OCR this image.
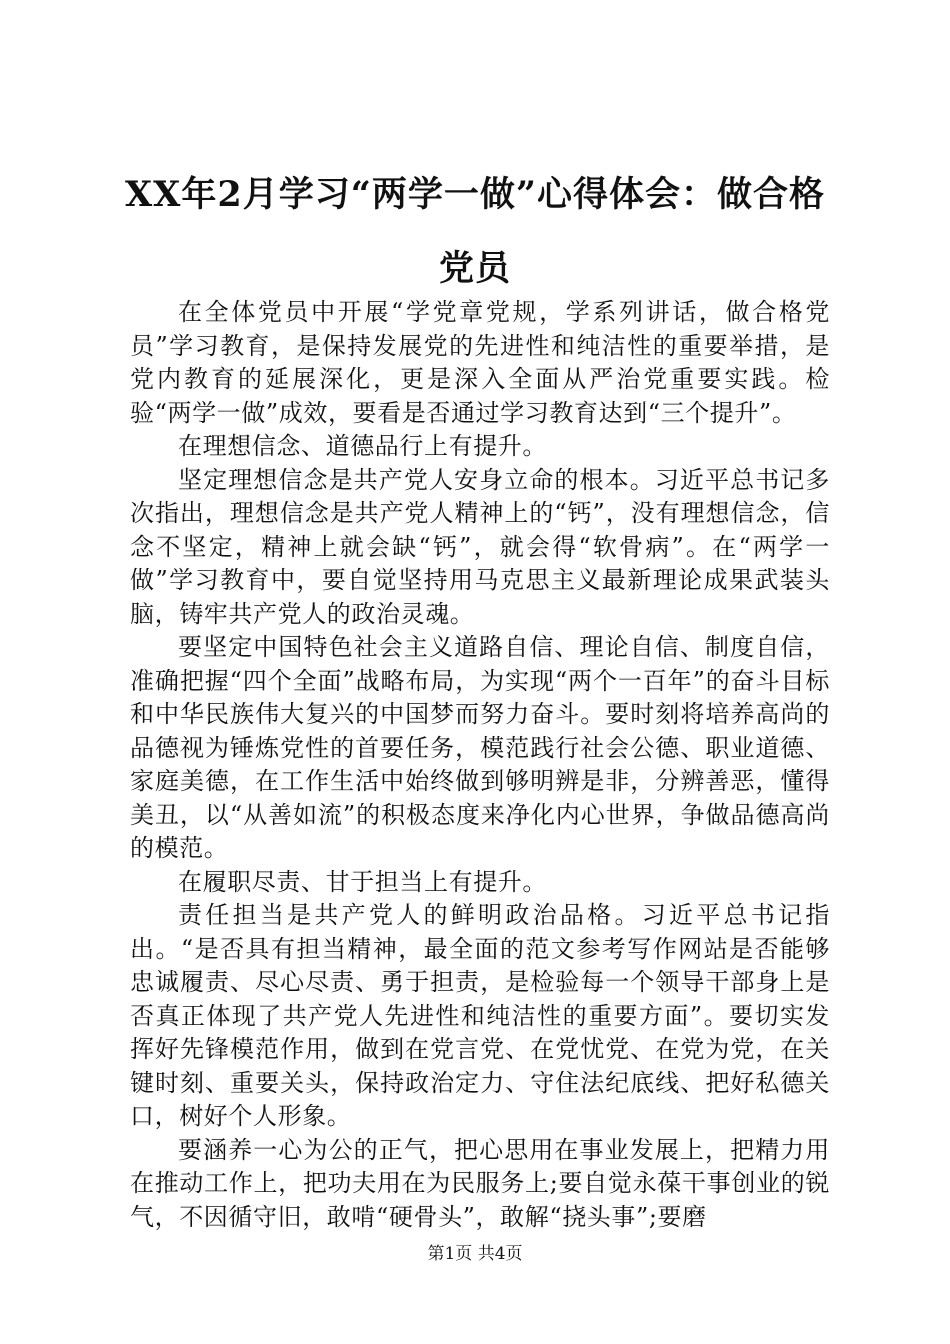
XX年2月学习“两学一做”心得体会：做合格党员

在全体党员中开展“学党章党规，学系列讲话，做合格党员”学习教育，是保持发展党的先进性和纯洁性的重要举措，是党内教育的延展深化，更是深入全面从严治党重要实践。检验“两学一做”成效，要看是否通过学习教育达到“三个提升”。

在理想信念、道德品行上有提升。

坚定理想信念是共产党人安身立命的根本。习近平总书记多次指出，理想信念是共产党人精神上的“钙”，没有理想信念，信念不坚定，精神上就会缺“钙”，就会得“软骨病”。在“两学一做”学习教育中，要自觉坚持用马克思主义最新理论成果武装头脑，铸牢共产党人的政治灵魂。

要坚定中国特色社会主义道路自信、理论自信、制度自信，准确把握“四个全面”战略布局，为实现“两个一百年”的奋斗目标和中华民族伟大复兴的中国梦而努力奋斗。要时刻将培养高尚的品德视为锤炼党性的首要任务，模范践行社会公德、职业道德、家庭美德，在工作生活中始终做到够明辨是非，分辨善恶，懂得美丑，以“从善如流”的积极态度来净化内心世界，争做品德高尚的模范。

在履职尽责、甘于担当上有提升。

责任担当是共产党人的鲜明政治品格。习近平总书记指出。“是否具有担当精神，最全面的范文参考写作网站是否能够忠诚履责、尽心尽责、勇于担责，是检验每一个领导干部身上是否真正体现了共产党人先进性和纯洁性的重要方面”。要切实发挥好先锋模范作用，做到在党言党、在党忧党、在党为党，在关键时刻、重要关头，保持政治定力、守住法纪底线、把好私德关口，树好个人形象。

要涵养一心为公的正气，把心思用在事业发展上，把精力用在推动工作上，把功夫用在为民服务上;要自觉永葆干事创业的锐气，不因循守旧，敢啃“硬骨头”，敢解“挠头事”;要磨

第1页 共4页
